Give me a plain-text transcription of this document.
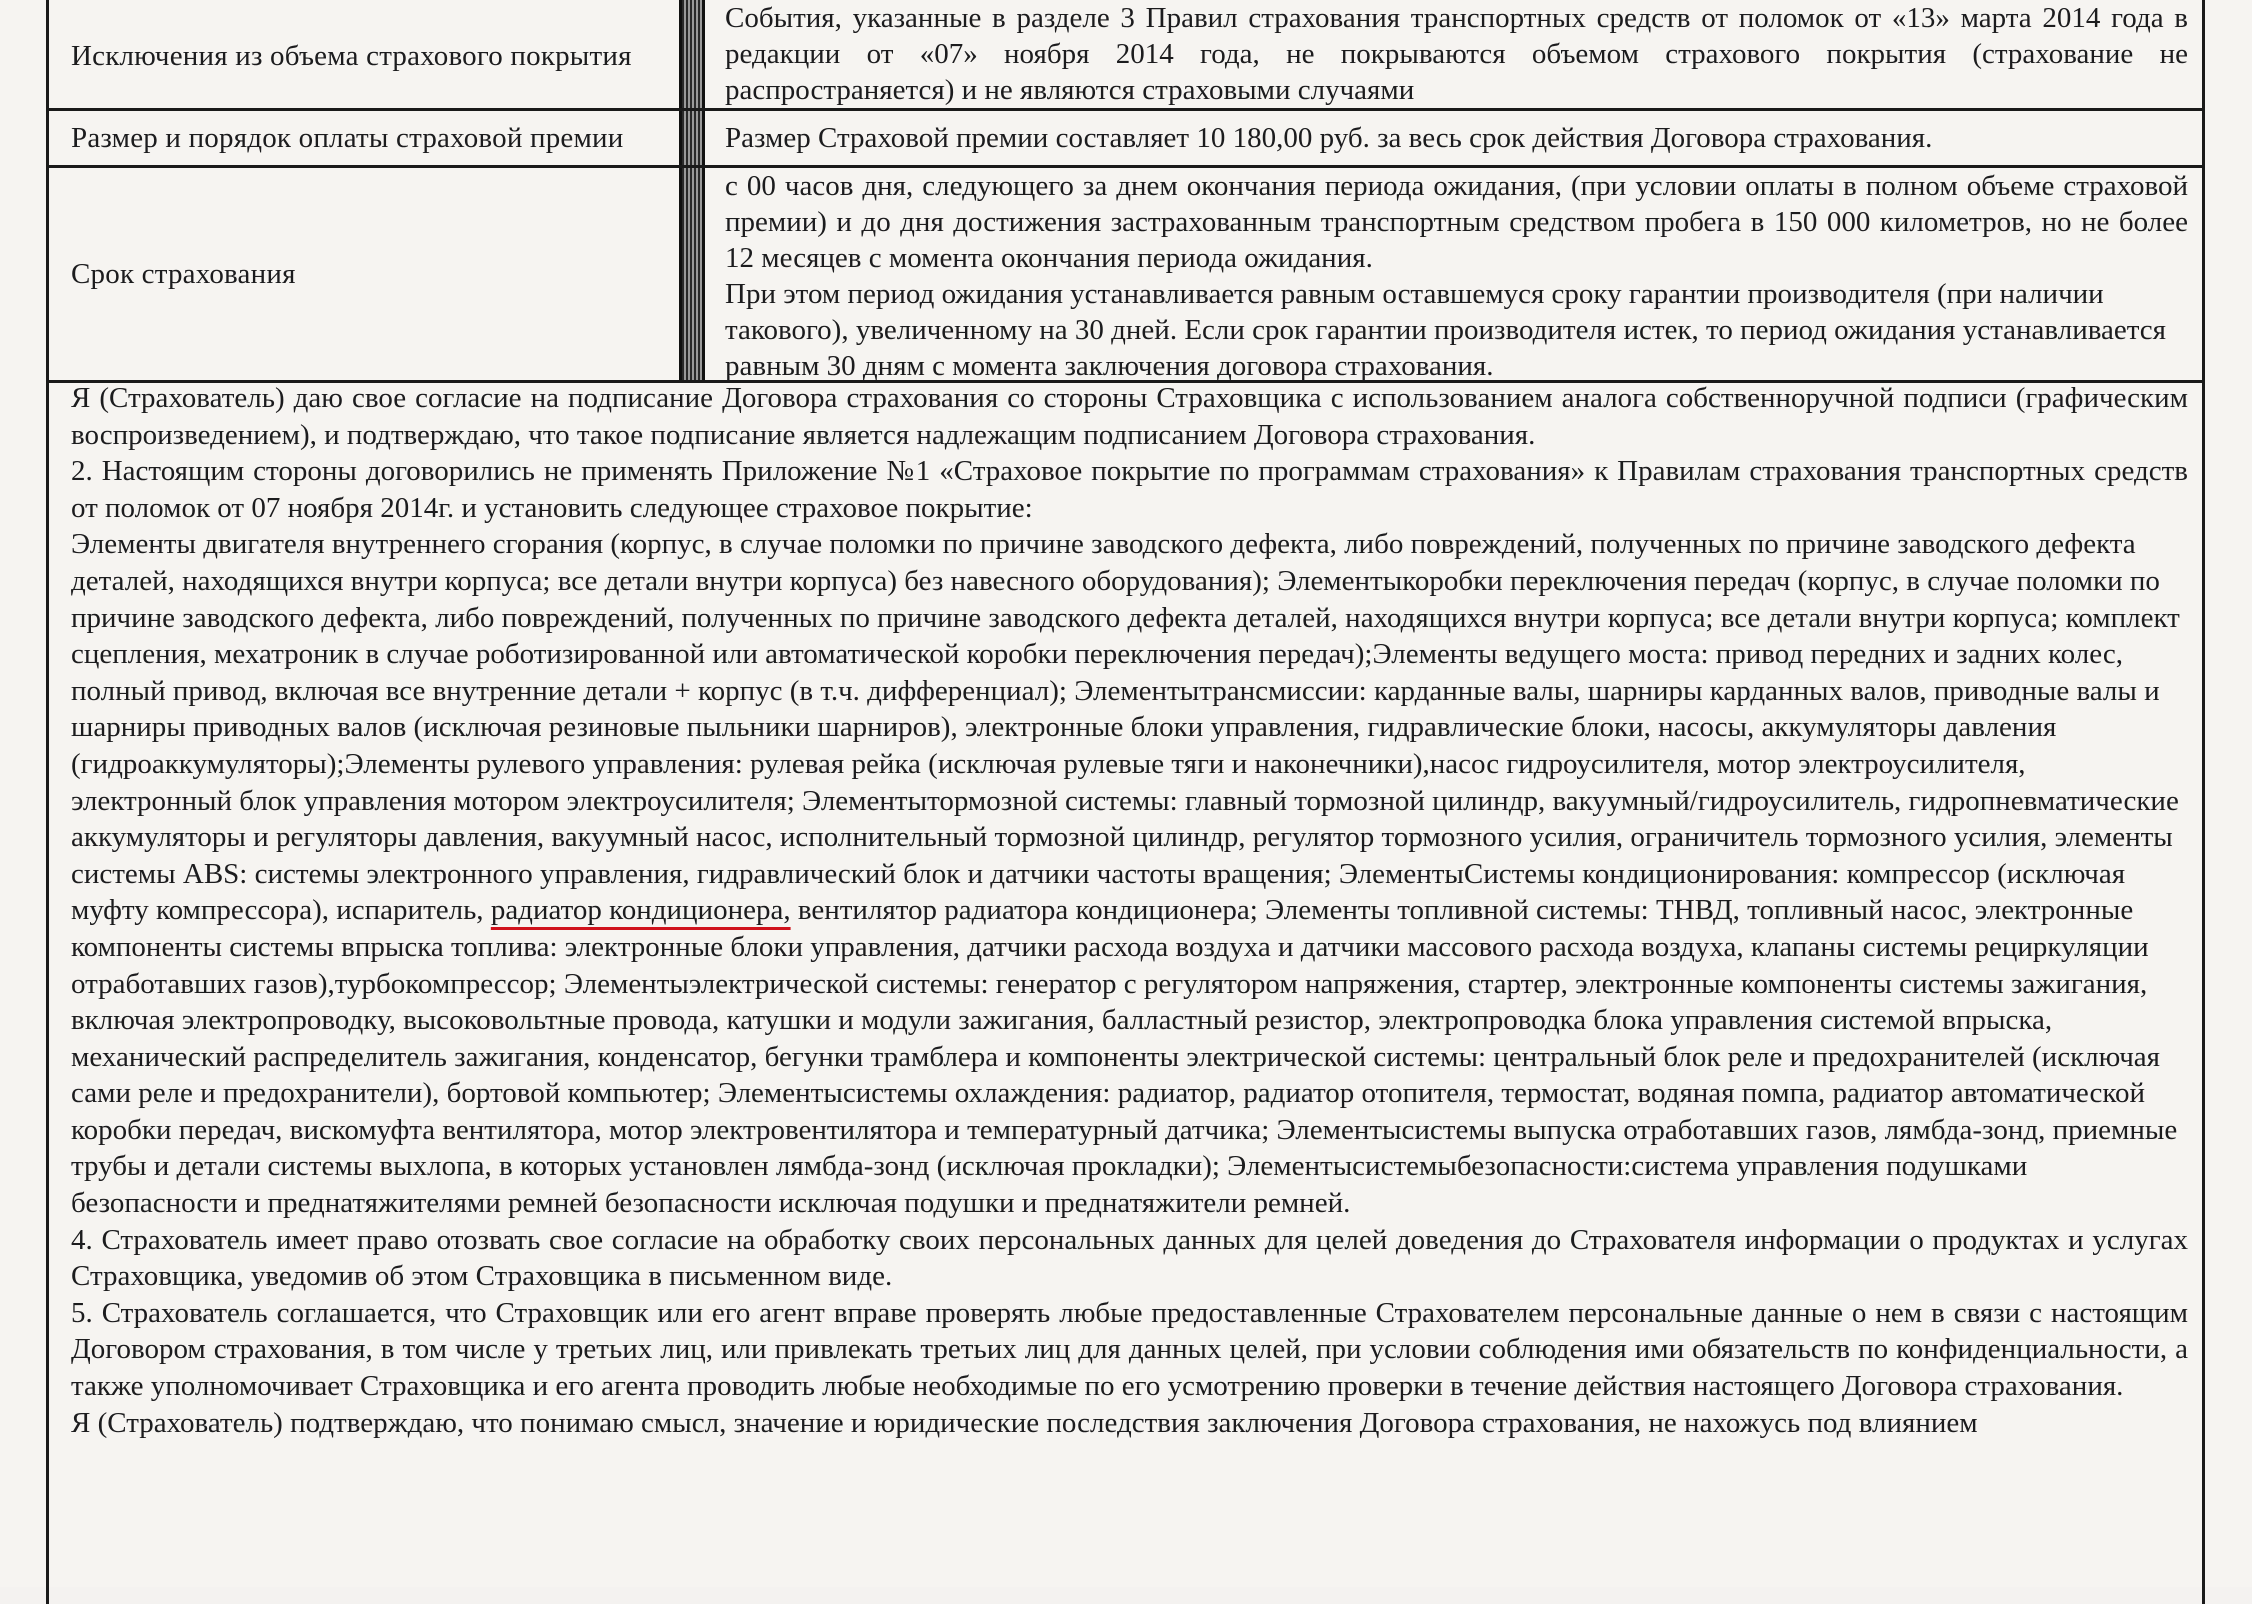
Исключения из объема страхового покрытия

События, указанные в разделе 3 Правил страхования транспортных средств от поломок от «13» марта 2014 года в редакции от «07» ноября 2014 года, не покрываются объемом страхового покрытия (страхование не распространяется) и не являются страховыми случаями

Размер и порядок оплаты страховой премии	Размер Страховой премии составляет 10 180,00 руб. за весь срок действия Договора страхования.

Срок страхования

с 00 часов дня, следующего за днем окончания периода ожидания, (при условии оплаты в полном объеме страховой премии) и до дня достижения застрахованным транспортным средством пробега в 150 000 километров, но не более 12 месяцев с момента окончания периода ожидания.

При этом период ожидания устанавливается равным оставшемуся сроку гарантии производителя (при наличии такового), увеличенному на 30 дней. Если срок гарантии производителя истек, то период ожидания устанавливается равным 30 дням с момента заключения договора страхования.

Я (Страхователь) даю свое согласие на подписание Договора страхования со стороны Страховщика с использованием аналога собственноручной подписи (графическим воспроизведением), и подтверждаю, что такое подписание является надлежащим подписанием Договора страхования.

2. Настоящим стороны договорились не применять Приложение №1 «Страховое покрытие по программам страхования» к Правилам страхования транспортных средств от поломок от 07 ноября 2014г. и установить следующее страховое покрытие:

Элементы двигателя внутреннего сгорания (корпус, в случае поломки по причине заводского дефекта, либо повреждений, полученных по причине заводского дефекта деталей, находящихся внутри корпуса; все детали внутри корпуса) без навесного оборудования); Элементыкоробки переключения передач (корпус, в случае поломки по причине заводского дефекта, либо повреждений, полученных по причине заводского дефекта деталей, находящихся внутри корпуса; все детали внутри корпуса; комплект сцепления, мехатроник в случае роботизированной или автоматической коробки переключения передач);Элементы ведущего моста: привод передних и задних колес, полный привод, включая все внутренние детали + корпус (в т.ч. дифференциал); Элементытрансмиссии: карданные валы, шарниры карданных валов, приводные валы и шарниры приводных валов (исключая резиновые пыльники шарниров), электронные блоки управления, гидравлические блоки, насосы, аккумуляторы давления (гидроаккумуляторы);Элементы рулевого управления: рулевая рейка (исключая рулевые тяги и наконечники),насос гидроусилителя, мотор электроусилителя, электронный блок управления мотором электроусилителя; Элементытормозной системы: главный тормозной цилиндр, вакуумный/гидроусилитель, гидропневматические аккумуляторы и регуляторы давления, вакуумный насос, исполнительный тормозной цилиндр, регулятор тормозного усилия, ограничитель тормозного усилия, элементы системы ABS: системы электронного управления, гидравлический блок и датчики частоты вращения; ЭлементыСистемы кондиционирования: компрессор (исключая муфту компрессора), испаритель, радиатор кондиционера, вентилятор радиатора кондиционера; Элементы топливной системы: ТНВД, топливный насос, электронные компоненты системы впрыска топлива: электронные блоки управления, датчики расхода воздуха и датчики массового расхода воздуха, клапаны системы рециркуляции отработавших газов),турбокомпрессор; Элементыэлектрической системы: генератор с регулятором напряжения, стартер, электронные компоненты системы зажигания, включая электропроводку, высоковольтные провода, катушки и модули зажигания, балластный резистор, электропроводка блока управления системой впрыска, механический распределитель зажигания, конденсатор, бегунки трамблера и компоненты электрической системы: центральный блок реле и предохранителей (исключая сами реле и предохранители), бортовой компьютер; Элементысистемы охлаждения: радиатор, радиатор отопителя, термостат, водяная помпа, радиатор автоматической коробки передач, вискомуфта вентилятора, мотор электровентилятора и температурный датчика; Элементысистемы выпуска отработавших газов, лямбда-зонд, приемные трубы и детали системы выхлопа, в которых установлен лямбда-зонд (исключая прокладки); Элементысистемыбезопасности:система управления подушками безопасности и преднатяжителями ремней безопасности исключая подушки и преднатяжители ремней.

4. Страхователь имеет право отозвать свое согласие на обработку своих персональных данных для целей доведения до Страхователя информации о продуктах и услугах Страховщика, уведомив об этом Страховщика в письменном виде.

5. Страхователь соглашается, что Страховщик или его агент вправе проверять любые предоставленные Страхователем персональные данные о нем в связи с настоящим Договором страхования, в том числе у третьих лиц, или привлекать третьих лиц для данных целей, при условии соблюдения ими обязательств по конфиденциальности, а также уполномочивает Страховщика и его агента проводить любые необходимые по его усмотрению проверки в течение действия настоящего Договора страхования.

Я (Страхователь) подтверждаю, что понимаю смысл, значение и юридические последствия заключения Договора страхования, не нахожусь под влиянием
